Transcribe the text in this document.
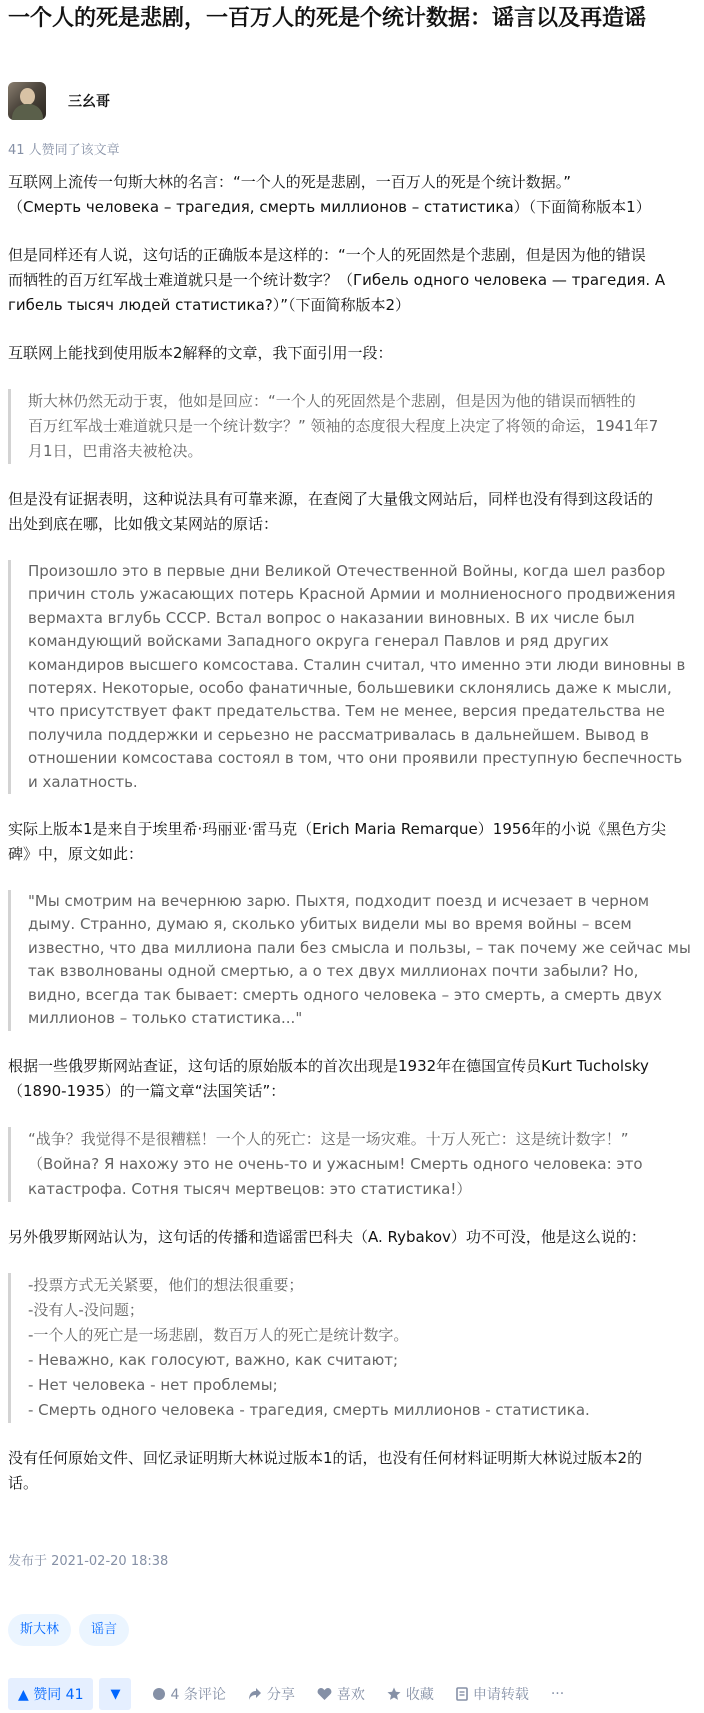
一个人的死是悲剧，一百万人的死是个统计数据：谣言以及再造谣
三幺哥
41 人赞同了该文章

互联网上流传一句斯大林的名言：“一个人的死是悲剧，一百万人的死是个统计数据。”
（Смерть человека – трагедия, смерть миллионов – статистика）（下面简称版本1）

但是同样还有人说，这句话的正确版本是这样的：“一个人的死固然是个悲剧，但是因为他的错误
而牺牲的百万红军战士难道就只是一个统计数字？（Гибель одного человека — трагедия. А
гибель тысяч людей статистика?）”（下面简称版本2）

互联网上能找到使用版本2解释的文章，我下面引用一段：

斯大林仍然无动于衷，他如是回应：“一个人的死固然是个悲剧，但是因为他的错误而牺牲的
百万红军战士难道就只是一个统计数字？” 领袖的态度很大程度上决定了将领的命运，1941年7
月1日，巴甫洛夫被枪决。

但是没有证据表明，这种说法具有可靠来源，在查阅了大量俄文网站后，同样也没有得到这段话的
出处到底在哪，比如俄文某网站的原话：

Произошло это в первые дни Великой Отечественной Войны, когда шел разбор
причин столь ужасающих потерь Красной Армии и молниеносного продвижения
вермахта вглубь СССР. Встал вопрос о наказании виновных. В их числе был
командующий войсками Западного округа генерал Павлов и ряд других
командиров высшего комсостава. Сталин считал, что именно эти люди виновны в
потерях. Некоторые, особо фанатичные, большевики склонялись даже к мысли,
что присутствует факт предательства. Тем не менее, версия предательства не
получила поддержки и серьезно не рассматривалась в дальнейшем. Вывод в
отношении комсостава состоял в том, что они проявили преступную беспечность
и халатность.

实际上版本1是来自于埃里希·玛丽亚·雷马克（Erich Maria Remarque）1956年的小说《黑色方尖
碑》中，原文如此：

"Мы смотрим на вечернюю зарю. Пыхтя, подходит поезд и исчезает в черном
дыму. Странно, думаю я, сколько убитых видели мы во время войны – всем
известно, что два миллиона пали без смысла и пользы, – так почему же сейчас мы
так взволнованы одной смертью, а о тех двух миллионах почти забыли? Но,
видно, всегда так бывает: смерть одного человека – это смерть, а смерть двух
миллионов – только статистика..."

根据一些俄罗斯网站查证，这句话的原始版本的首次出现是1932年在德国宣传员Kurt Tucholsky
（1890-1935）的一篇文章“法国笑话”：

“战争？我觉得不是很糟糕！一个人的死亡：这是一场灾难。十万人死亡：这是统计数字！”
（Война? Я нахожу это не очень-то и ужасным! Смерть одного человека: это
катастрофа. Сотня тысяч мертвецов: это статистика!）

另外俄罗斯网站认为，这句话的传播和造谣雷巴科夫（A. Rybakov）功不可没，他是这么说的：

-投票方式无关紧要，他们的想法很重要；
-没有人-没问题；
-一个人的死亡是一场悲剧，数百万人的死亡是统计数字。
- Неважно, как голосуют, важно, как считают;
- Нет человека - нет проблемы;
- Смерть одного человека - трагедия, смерть миллионов - статистика.

没有任何原始文件、回忆录证明斯大林说过版本1的话，也没有任何材料证明斯大林说过版本2的
话。

发布于 2021-02-20 18:38
斯大林	谣言
▲ 赞同 41	▼	4 条评论	分享	喜欢	收藏	申请转载 ···
